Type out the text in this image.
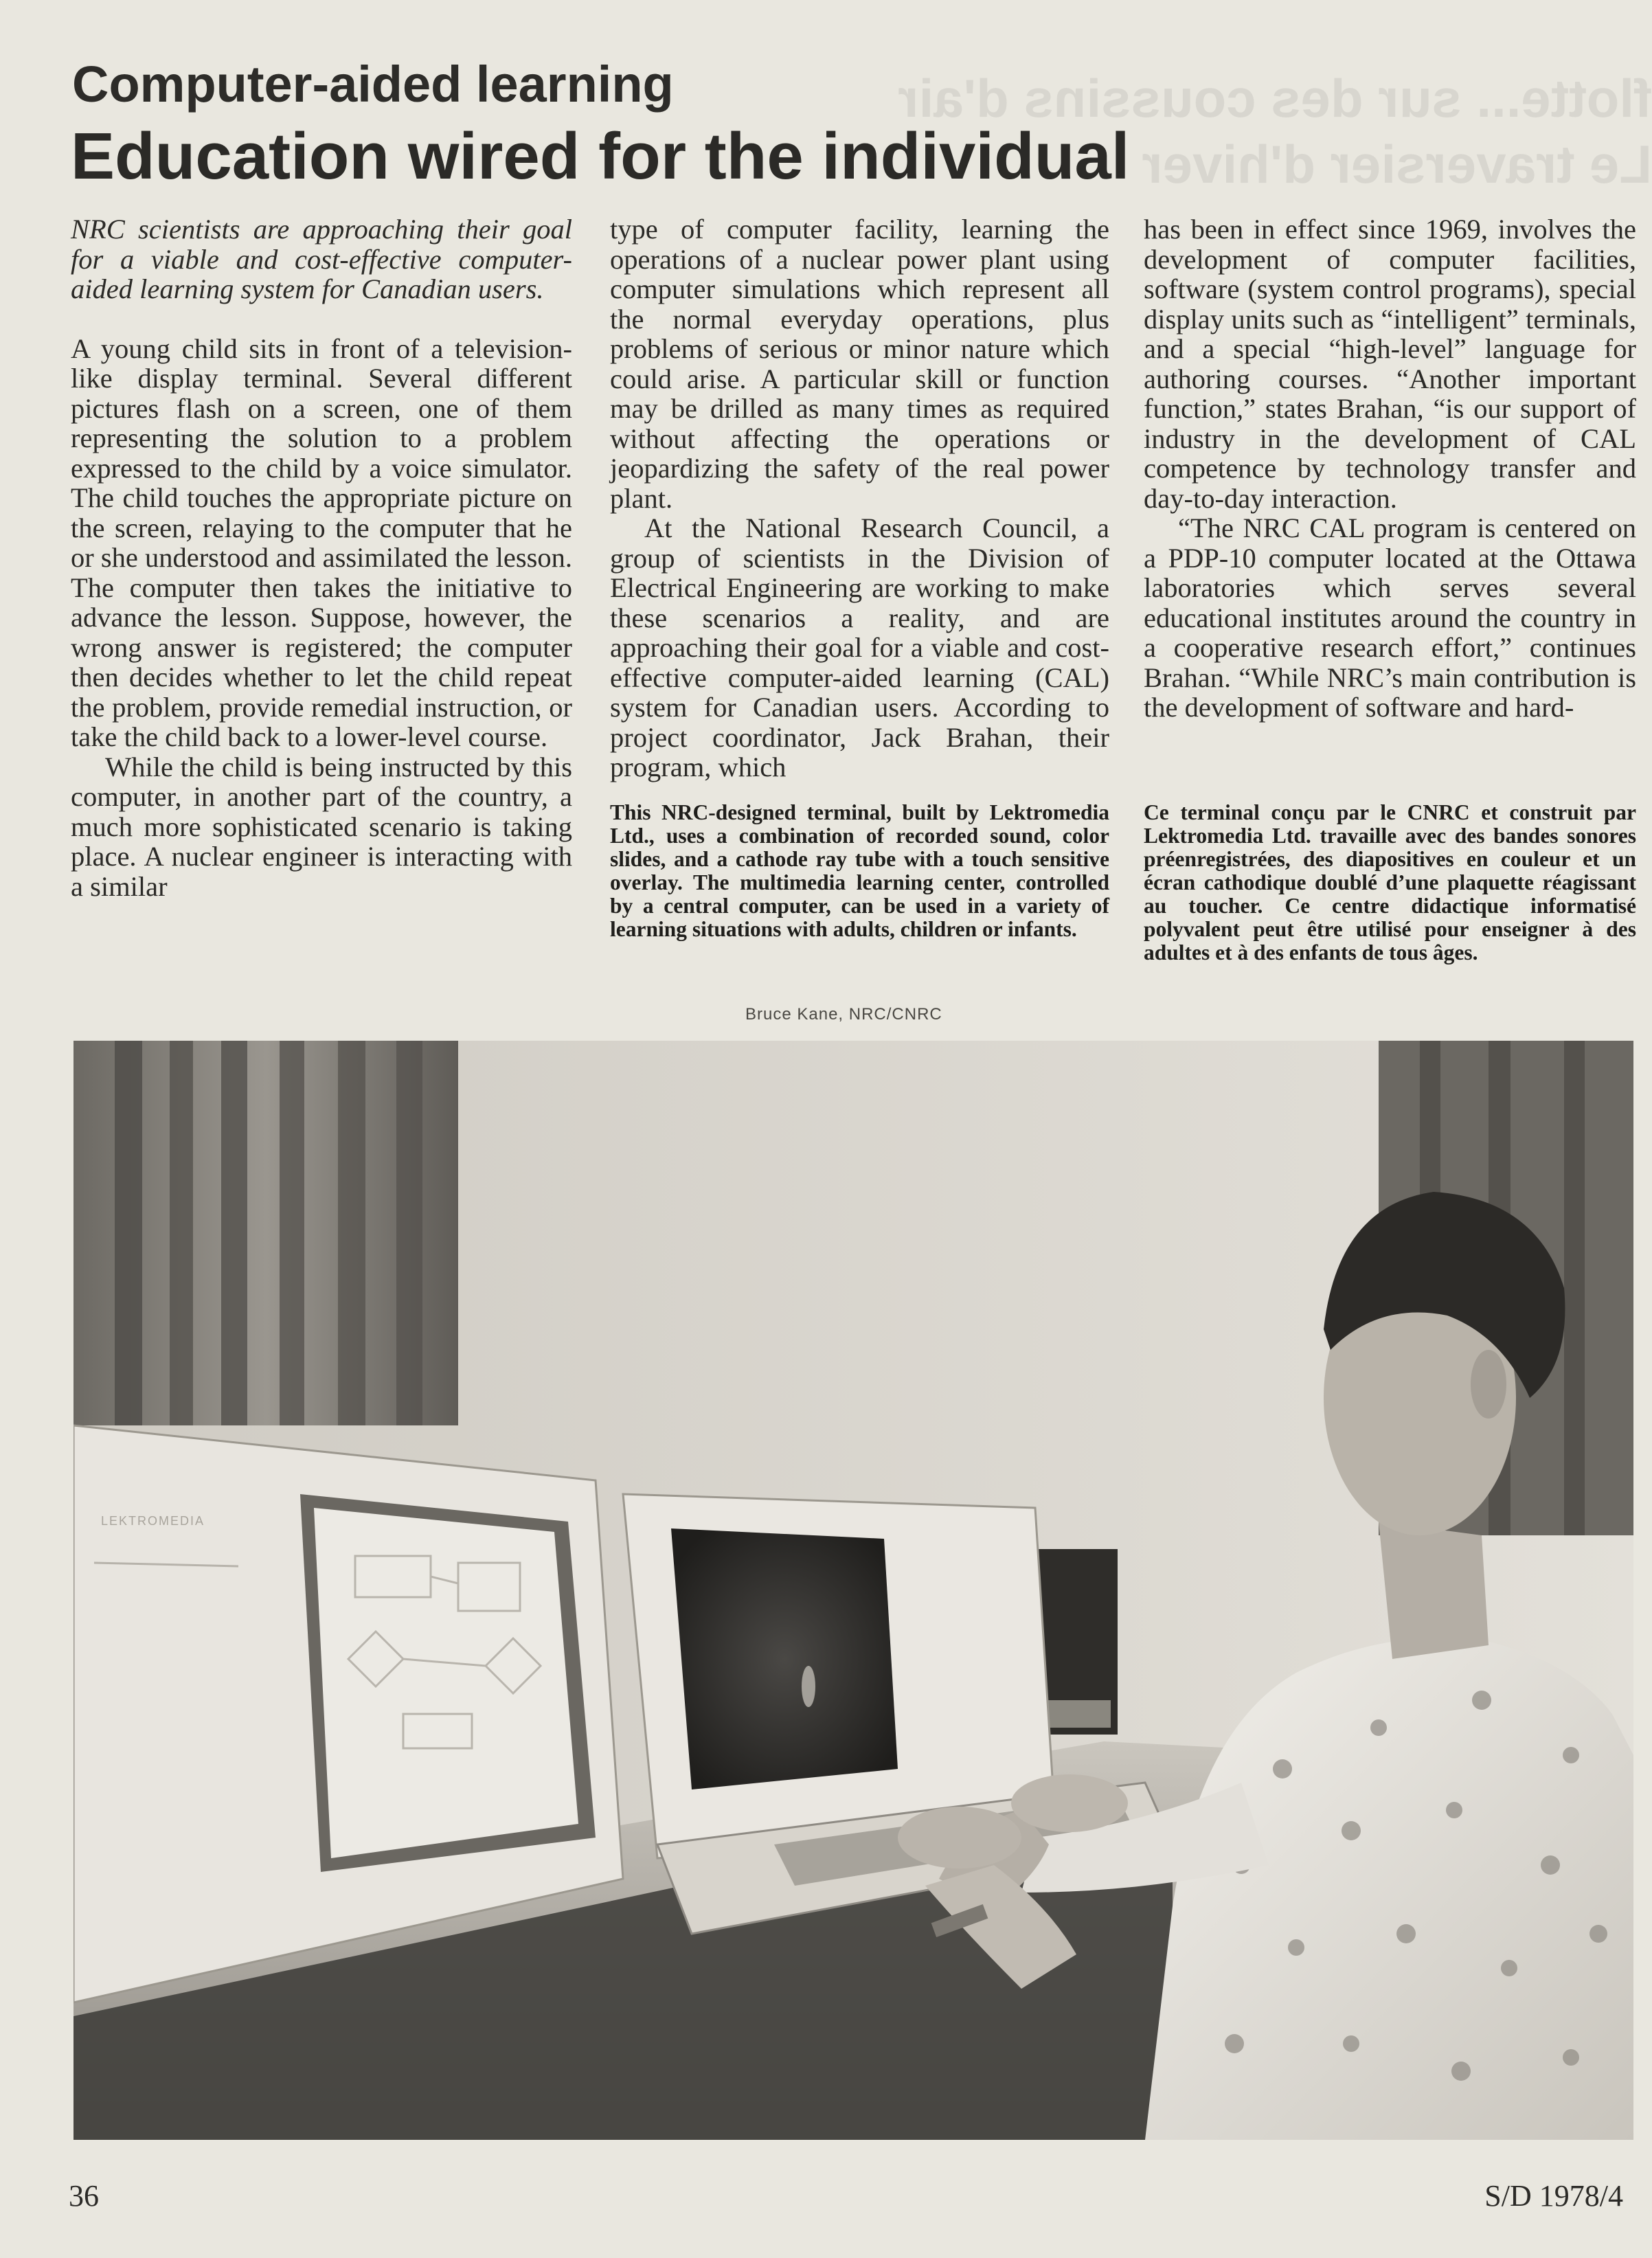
flotte... sur des coussins d'air
Le traversier d'hiver
Computer-aided learning
Education wired for the individual

NRC scientists are approaching their goal for a viable and cost-effective computer-aided learning system for Canadian users.

A young child sits in front of a television-like display terminal. Several different pictures flash on a screen, one of them representing the solution to a problem expressed to the child by a voice simulator. The child touches the appropriate picture on the screen, relaying to the computer that he or she understood and assimilated the lesson. The computer then takes the initiative to advance the lesson. Suppose, however, the wrong answer is registered; the computer then decides whether to let the child repeat the problem, provide remedial instruction, or take the child back to a lower-level course.

While the child is being instructed by this computer, in another part of the country, a much more sophisticated scenario is taking place. A nuclear engineer is interacting with a similar

type of computer facility, learning the operations of a nuclear power plant using computer simulations which represent all the normal everyday operations, plus problems of serious or minor nature which could arise. A particular skill or function may be drilled as many times as required without affecting the operations or jeopardizing the safety of the real power plant.

At the National Research Council, a group of scientists in the Division of Electrical Engineering are working to make these scenarios a reality, and are approaching their goal for a viable and cost-effective computer-aided learning (CAL) system for Canadian users. According to project coordinator, Jack Brahan, their program, which

has been in effect since 1969, involves the development of computer facilities, software (system control programs), special display units such as “intelligent” terminals, and a special “high-level” language for authoring courses. “Another important function,” states Brahan, “is our support of industry in the development of CAL competence by technology transfer and day-to-day interaction.

“The NRC CAL program is centered on a PDP-10 computer located at the Ottawa laboratories which serves several educational institutes around the country in a cooperative research effort,” continues Brahan. “While NRC’s main contribution is the development of software and hard-

This NRC-designed terminal, built by Lektromedia Ltd., uses a combination of recorded sound, color slides, and a cathode ray tube with a touch sensitive overlay. The multimedia learning center, controlled by a central computer, can be used in a variety of learning situations with adults, children or infants.
Ce terminal conçu par le CNRC et construit par Lektromedia Ltd. travaille avec des bandes sonores préenregistrées, des diapositives en couleur et un écran cathodique doublé d’une plaquette réagissant au toucher. Ce centre didactique informatisé polyvalent peut être utilisé pour enseigner à des adultes et à des enfants de tous âges.
Bruce Kane, NRC/CNRC
LEKTROMEDIA
36	S/D 1978/4
